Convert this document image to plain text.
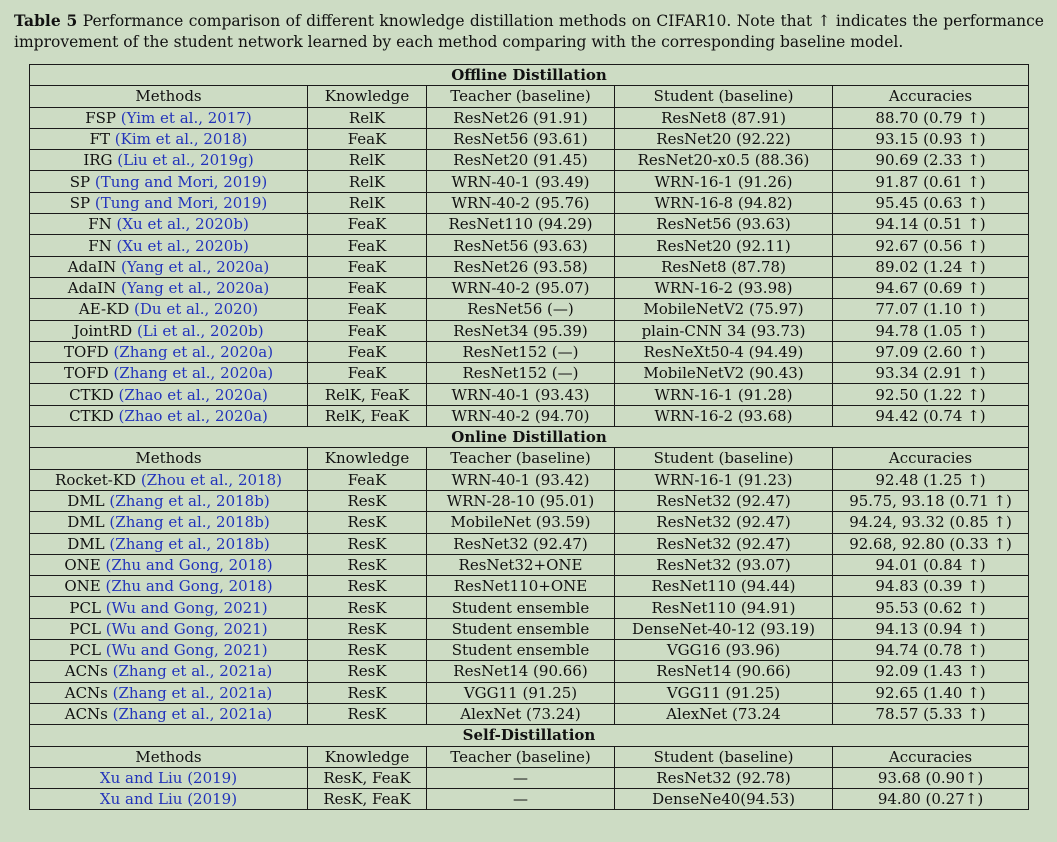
Table 5 Performance comparison of different knowledge distillation methods on CIFAR10. Note that ↑ indicates the performance improvement of the student network learned by each method comparing with the corresponding baseline model.
Offline Distillation				
Methods	Knowledge	Teacher (baseline)	Student (baseline)	Accuracies
FSP (Yim et al., 2017)	RelK	ResNet26 (91.91)	ResNet8 (87.91)	88.70 (0.79 ↑)
FT (Kim et al., 2018)	FeaK	ResNet56 (93.61)	ResNet20 (92.22)	93.15 (0.93 ↑)
IRG (Liu et al., 2019g)	RelK	ResNet20 (91.45)	ResNet20-x0.5 (88.36)	90.69 (2.33 ↑)
SP (Tung and Mori, 2019)	RelK	WRN-40-1 (93.49)	WRN-16-1 (91.26)	91.87 (0.61 ↑)
SP (Tung and Mori, 2019)	RelK	WRN-40-2 (95.76)	WRN-16-8 (94.82)	95.45 (0.63 ↑)
FN (Xu et al., 2020b)	FeaK	ResNet110 (94.29)	ResNet56 (93.63)	94.14 (0.51 ↑)
FN (Xu et al., 2020b)	FeaK	ResNet56 (93.63)	ResNet20 (92.11)	92.67 (0.56 ↑)
AdaIN (Yang et al., 2020a)	FeaK	ResNet26 (93.58)	ResNet8 (87.78)	89.02 (1.24 ↑)
AdaIN (Yang et al., 2020a)	FeaK	WRN-40-2 (95.07)	WRN-16-2 (93.98)	94.67 (0.69 ↑)
AE-KD (Du et al., 2020)	FeaK	ResNet56 (—)	MobileNetV2 (75.97)	77.07 (1.10 ↑)
JointRD (Li et al., 2020b)	FeaK	ResNet34 (95.39)	plain-CNN 34 (93.73)	94.78 (1.05 ↑)
TOFD (Zhang et al., 2020a)	FeaK	ResNet152 (—)	ResNeXt50-4 (94.49)	97.09 (2.60 ↑)
TOFD (Zhang et al., 2020a)	FeaK	ResNet152 (—)	MobileNetV2 (90.43)	93.34 (2.91 ↑)
CTKD (Zhao et al., 2020a)	RelK, FeaK	WRN-40-1 (93.43)	WRN-16-1 (91.28)	92.50 (1.22 ↑)
CTKD (Zhao et al., 2020a)	RelK, FeaK	WRN-40-2 (94.70)	WRN-16-2 (93.68)	94.42 (0.74 ↑)
Online Distillation				
Methods	Knowledge	Teacher (baseline)	Student (baseline)	Accuracies
Rocket-KD (Zhou et al., 2018)	FeaK	WRN-40-1 (93.42)	WRN-16-1 (91.23)	92.48 (1.25 ↑)
DML (Zhang et al., 2018b)	ResK	WRN-28-10 (95.01)	ResNet32 (92.47)	95.75, 93.18 (0.71 ↑)
DML (Zhang et al., 2018b)	ResK	MobileNet (93.59)	ResNet32 (92.47)	94.24, 93.32 (0.85 ↑)
DML (Zhang et al., 2018b)	ResK	ResNet32 (92.47)	ResNet32 (92.47)	92.68, 92.80 (0.33 ↑)
ONE (Zhu and Gong, 2018)	ResK	ResNet32+ONE	ResNet32 (93.07)	94.01 (0.84 ↑)
ONE (Zhu and Gong, 2018)	ResK	ResNet110+ONE	ResNet110 (94.44)	94.83 (0.39 ↑)
PCL (Wu and Gong, 2021)	ResK	Student ensemble	ResNet110 (94.91)	95.53 (0.62 ↑)
PCL (Wu and Gong, 2021)	ResK	Student ensemble	DenseNet-40-12 (93.19)	94.13 (0.94 ↑)
PCL (Wu and Gong, 2021)	ResK	Student ensemble	VGG16 (93.96)	94.74 (0.78 ↑)
ACNs (Zhang et al., 2021a)	ResK	ResNet14 (90.66)	ResNet14 (90.66)	92.09 (1.43 ↑)
ACNs (Zhang et al., 2021a)	ResK	VGG11 (91.25)	VGG11 (91.25)	92.65 (1.40 ↑)
ACNs (Zhang et al., 2021a)	ResK	AlexNet (73.24)	AlexNet (73.24	78.57 (5.33 ↑)
Self-Distillation				
Methods	Knowledge	Teacher (baseline)	Student (baseline)	Accuracies
Xu and Liu (2019)	ResK, FeaK	—	ResNet32 (92.78)	93.68 (0.90↑)
Xu and Liu (2019)	ResK, FeaK	—	DenseNe40(94.53)	94.80 (0.27↑)
